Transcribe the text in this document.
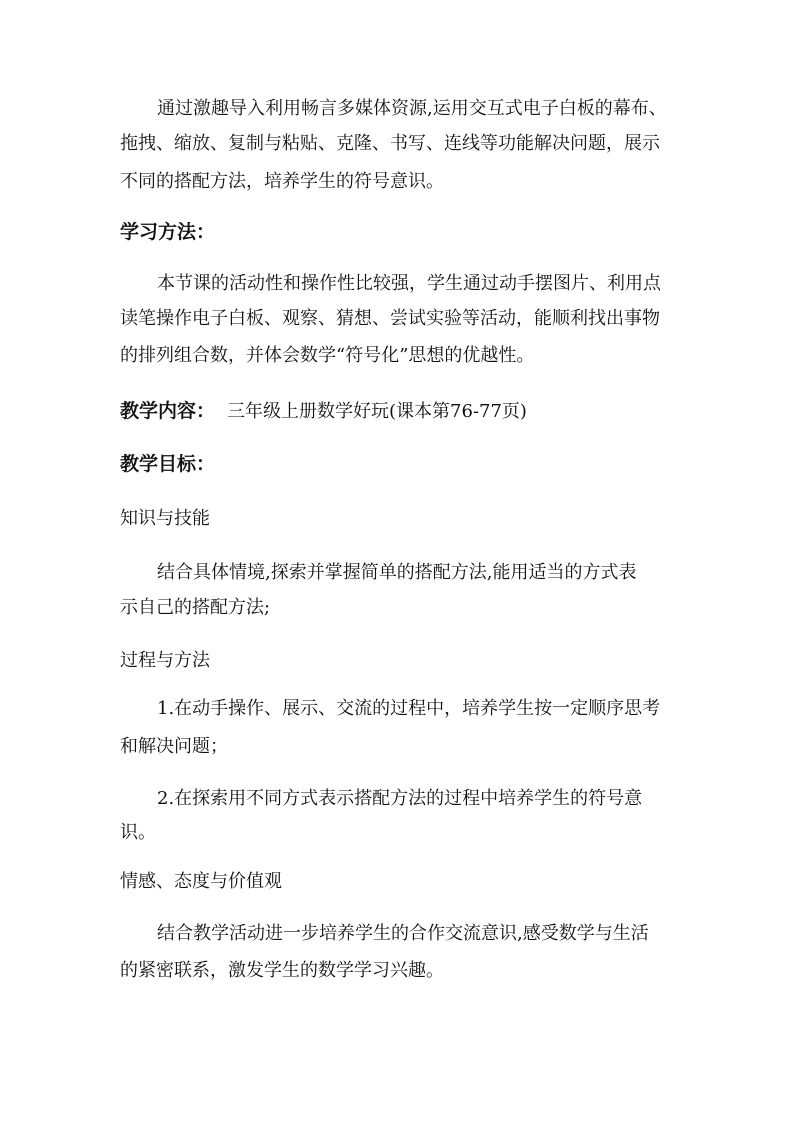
通过激趣导入利用畅言多媒体资源,运用交互式电子白板的幕布、
拖拽、缩放、复制与粘贴、克隆、书写、连线等功能解决问题，展示
不同的搭配方法，培养学生的符号意识。
学习方法：
本节课的活动性和操作性比较强，学生通过动手摆图片、利用点
读笔操作电子白板、观察、猜想、尝试实验等活动，能顺利找出事物
的排列组合数，并体会数学“符号化”思想的优越性。
教学内容： 三年级上册数学好玩(课本第76-77页)
教学目标：
知识与技能
结合具体情境,探索并掌握简单的搭配方法,能用适当的方式表
示自己的搭配方法;
过程与方法
1.在动手操作、展示、交流的过程中，培养学生按一定顺序思考
和解决问题；
2.在探索用不同方式表示搭配方法的过程中培养学生的符号意
识。
情感、态度与价值观
结合教学活动进一步培养学生的合作交流意识,感受数学与生活
的紧密联系，激发学生的数学学习兴趣。
